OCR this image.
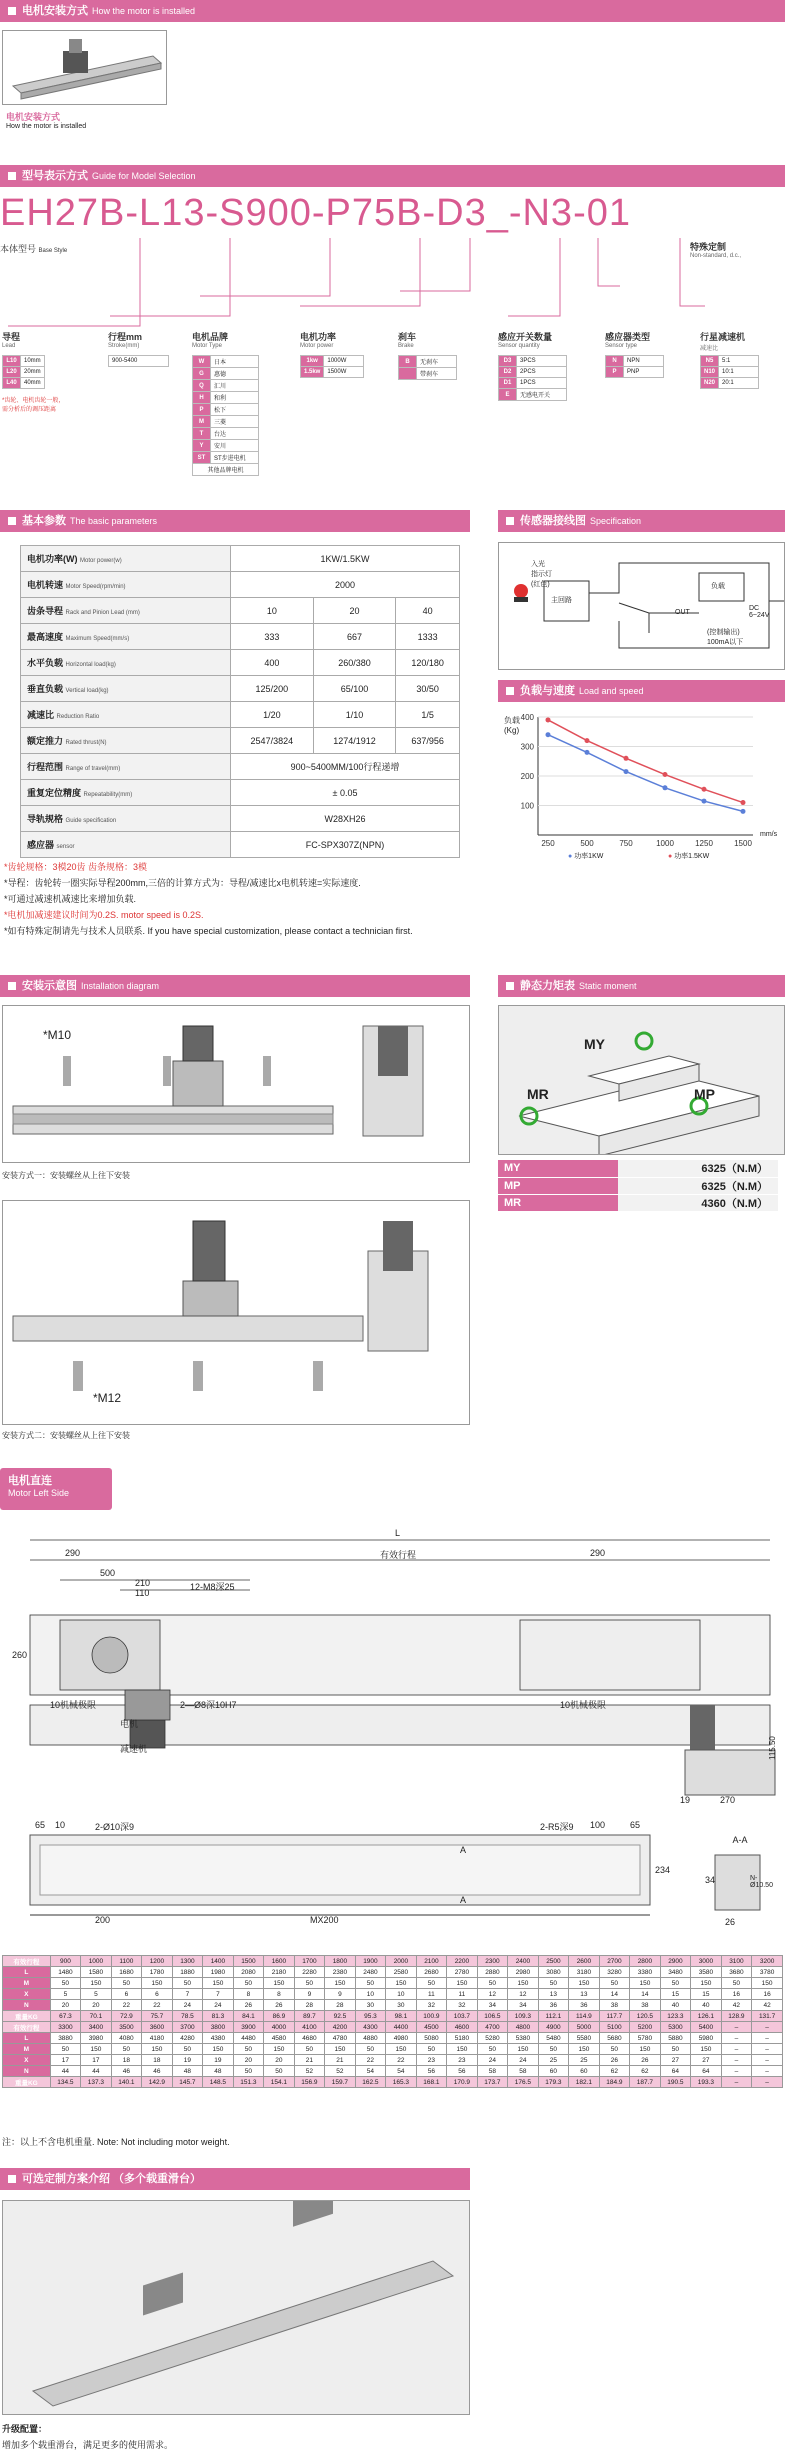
电机安装方式 How the motor is installed
电机安装方式
How the motor is installed
型号表示方式 Guide for Model Selection
EH27B-L13-S900-P75B-D3_-N3-01
本体型号 Base Style	特殊定制
Non-standard, d.c.,
导程
Lead
L10	10mm
L20	20mm
L40	40mm
*齿轮、电机齿轮一般，
需分析后的调压距离
行程mm
Stroke(mm)
900-5400
电机品牌
Motor Type
W	日本
G	惠德
Q	汇川
H	和利
P	松下
M	三菱
T	台达
Y	安川
ST	ST步进电机
其他品牌电机	
电机功率
Motor power
1kw	1000W
1.5kw	1500W
刹车
Brake
B	无刹车
	带刹车
感应开关数量
Sensor quantity
D3	3PCS
D2	2PCS
D1	1PCS
E	无感电开关
感应器类型
Sensor type
N	NPN
P	PNP
行星减速机
减速比
N5	5:1
N10	10:1
N20	20:1
基本参数 The basic parameters
电机功率(W) Motor power(w)	1KW/1.5KW		
电机转速 Motor Speed(rpm/min)	2000		
齿条导程 Rack and Pinion Lead (mm)	10	20	40
最高速度 Maximum Speed(mm/s)	333	667	1333
水平负载 Horizontal load(kg)	400	260/380	120/180
垂直负载 Vertical load(kg)	125/200	65/100	30/50
减速比 Reduction Ratio	1/20	1/10	1/5
额定推力 Rated thrust(N)	2547/3824	1274/1912	637/956
行程范围 Range of travel(mm)	900~5400MM/100行程递增		
重复定位精度 Repeatability(mm)	± 0.05		
导轨规格 Guide specification	W28XH26		
感应器 sensor	FC-SPX307Z(NPN)		
*齿轮规格：3模20齿 齿条规格：3模
*导程：齿轮转一圈实际导程200mm,三倍的计算方式为：导程/减速比x电机转速=实际速度.
*可通过减速机减速比来增加负载.
*电机加减速建议时间为0.2S. motor speed is 0.2S.
*如有特殊定制请先与技术人员联系. If you have special customization, please contact a technician first.
传感器接线图 Specification
入光
指示灯
(红色)
主回路
负载
OUT
DC
6~24V
(控制输出)
100mA以下
负载与速度 Load and speed
100
200
300
400
250	500	750	1000	1250	1500
负载
(Kg)
mm/s
● 功率1KW	● 功率1.5KW
安装示意图 Installation diagram
*M10
安装方式一：安装螺丝从上往下安装
*M12
安装方式二：安装螺丝从上往下安装
静态力矩表 Static moment
MY
MR	MP
MY	6325（N.M）
MP	6325（N.M）
MR	4360（N.M）
电机直连
Motor Left Side
L
290	有效行程	290
500
210
110
12-M8深25
260
10机械极限	2—Ø8深10H7	10机械极限
电机
减速机
19	270
115.50
65 10	2-Ø10深9
200	MX200
100	65
2-R5深9
A
A
234
A-A
26
34	N-Ø10.50
有效行程	900	1000	1100	1200	1300	1400	1500	1600	1700	1800	1900	2000	2100	2200	2300	2400	2500	2600	2700	2800	2900	3000	3100	3200
L	1480	1580	1680	1780	1880	1980	2080	2180	2280	2380	2480	2580	2680	2780	2880	2980	3080	3180	3280	3380	3480	3580	3680	3780
M	50	150	50	150	50	150	50	150	50	150	50	150	50	150	50	150	50	150	50	150	50	150	50	150
X	5	5	6	6	7	7	8	8	9	9	10	10	11	11	12	12	13	13	14	14	15	15	16	16
N	20	20	22	22	24	24	26	26	28	28	30	30	32	32	34	34	36	36	38	38	40	40	42	42
重量KG	67.3	70.1	72.9	75.7	78.5	81.3	84.1	86.9	89.7	92.5	95.3	98.1	100.9	103.7	106.5	109.3	112.1	114.9	117.7	120.5	123.3	126.1	128.9	131.7
有效行程	3300	3400	3500	3600	3700	3800	3900	4000	4100	4200	4300	4400	4500	4600	4700	4800	4900	5000	5100	5200	5300	5400	–	–
L	3880	3980	4080	4180	4280	4380	4480	4580	4680	4780	4880	4980	5080	5180	5280	5380	5480	5580	5680	5780	5880	5980	–	–
M	50	150	50	150	50	150	50	150	50	150	50	150	50	150	50	150	50	150	50	150	50	150	–	–
X	17	17	18	18	19	19	20	20	21	21	22	22	23	23	24	24	25	25	26	26	27	27	–	–
N	44	44	46	46	48	48	50	50	52	52	54	54	56	56	58	58	60	60	62	62	64	64	–	–
重量KG	134.5	137.3	140.1	142.9	145.7	148.5	151.3	154.1	156.9	159.7	162.5	165.3	168.1	170.9	173.7	176.5	179.3	182.1	184.9	187.7	190.5	193.3	–	–
注：以上不含电机重量. Note: Not including motor weight.
可选定制方案介绍 （多个载重滑台）
升级配置：
增加多个载重滑台，满足更多的使用需求。
